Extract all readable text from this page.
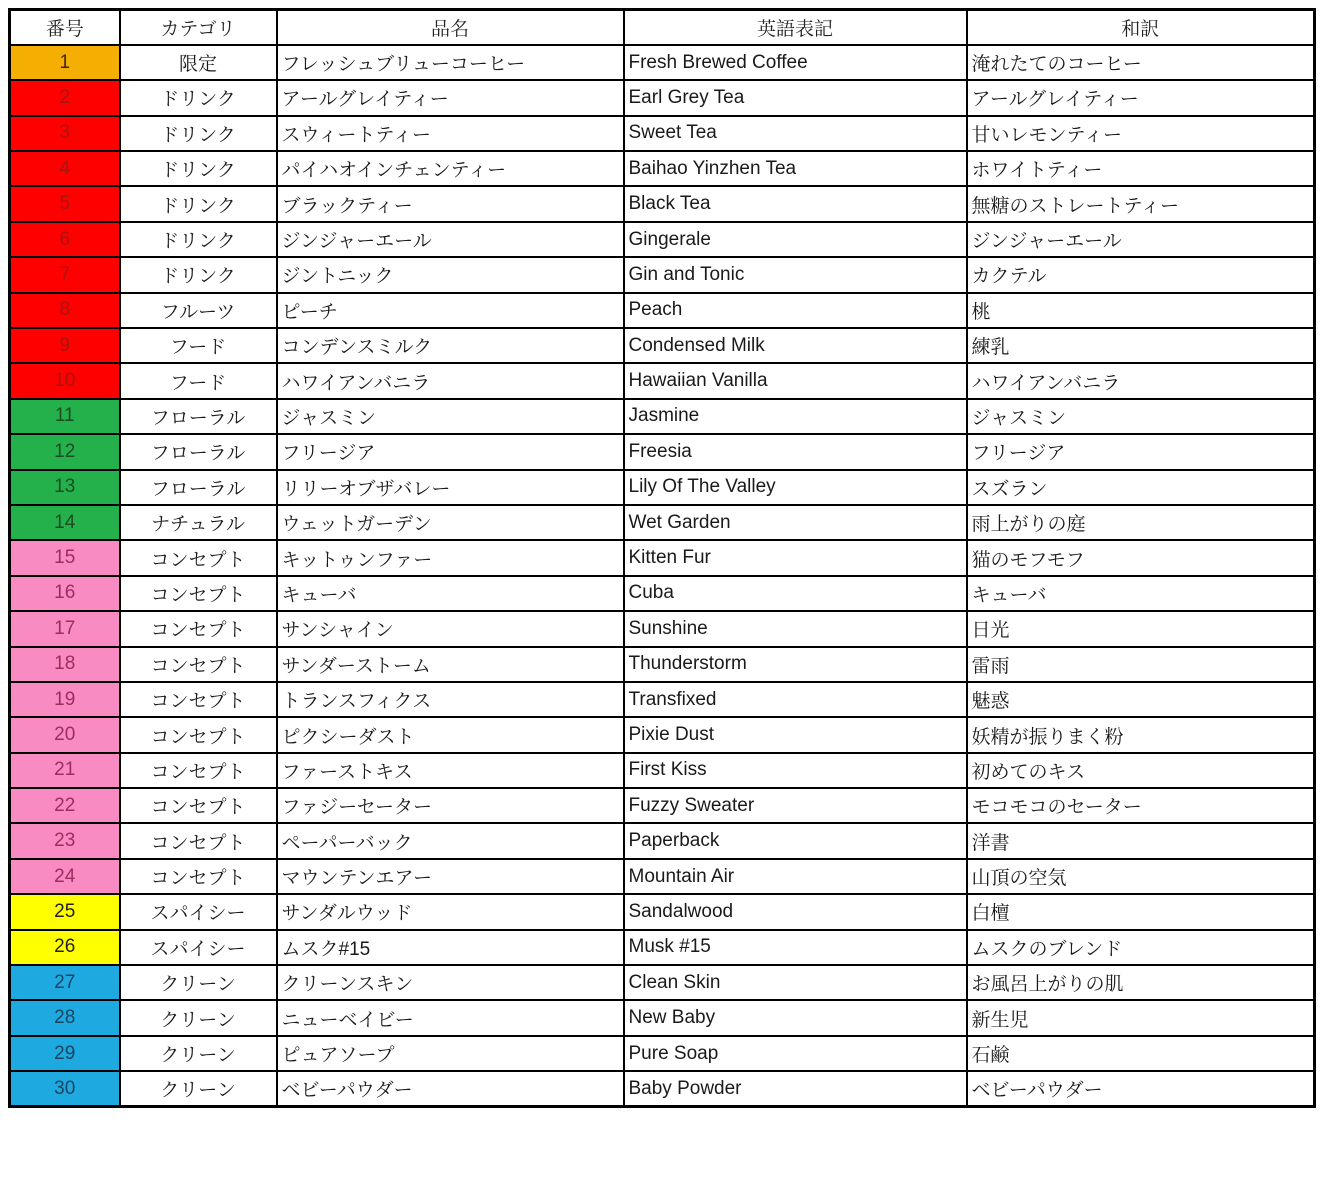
番号	カテゴリ	品名	英語表記	和訳
1	限定	フレッシュブリューコーヒー	Fresh Brewed Coffee	淹れたてのコーヒー
2	ドリンク	アールグレイティー	Earl Grey Tea	アールグレイティー
3	ドリンク	スウィートティー	Sweet Tea	甘いレモンティー
4	ドリンク	パイハオインチェンティー	Baihao Yinzhen Tea	ホワイトティー
5	ドリンク	ブラックティー	Black Tea	無糖のストレートティー
6	ドリンク	ジンジャーエール	Gingerale	ジンジャーエール
7	ドリンク	ジントニック	Gin and Tonic	カクテル
8	フルーツ	ピーチ	Peach	桃
9	フード	コンデンスミルク	Condensed Milk	練乳
10	フード	ハワイアンバニラ	Hawaiian Vanilla	ハワイアンバニラ
11	フローラル	ジャスミン	Jasmine	ジャスミン
12	フローラル	フリージア	Freesia	フリージア
13	フローラル	リリーオブザバレー	Lily Of The Valley	スズラン
14	ナチュラル	ウェットガーデン	Wet Garden	雨上がりの庭
15	コンセプト	キットゥンファー	Kitten Fur	猫のモフモフ
16	コンセプト	キューバ	Cuba	キューバ
17	コンセプト	サンシャイン	Sunshine	日光
18	コンセプト	サンダーストーム	Thunderstorm	雷雨
19	コンセプト	トランスフィクス	Transfixed	魅惑
20	コンセプト	ピクシーダスト	Pixie Dust	妖精が振りまく粉
21	コンセプト	ファーストキス	First Kiss	初めてのキス
22	コンセプト	ファジーセーター	Fuzzy Sweater	モコモコのセーター
23	コンセプト	ペーパーバック	Paperback	洋書
24	コンセプト	マウンテンエアー	Mountain Air	山頂の空気
25	スパイシー	サンダルウッド	Sandalwood	白檀
26	スパイシー	ムスク#15	Musk #15	ムスクのブレンド
27	クリーン	クリーンスキン	Clean Skin	お風呂上がりの肌
28	クリーン	ニューベイビー	New Baby	新生児
29	クリーン	ピュアソープ	Pure Soap	石鹸
30	クリーン	ベビーパウダー	Baby Powder	ベビーパウダー
